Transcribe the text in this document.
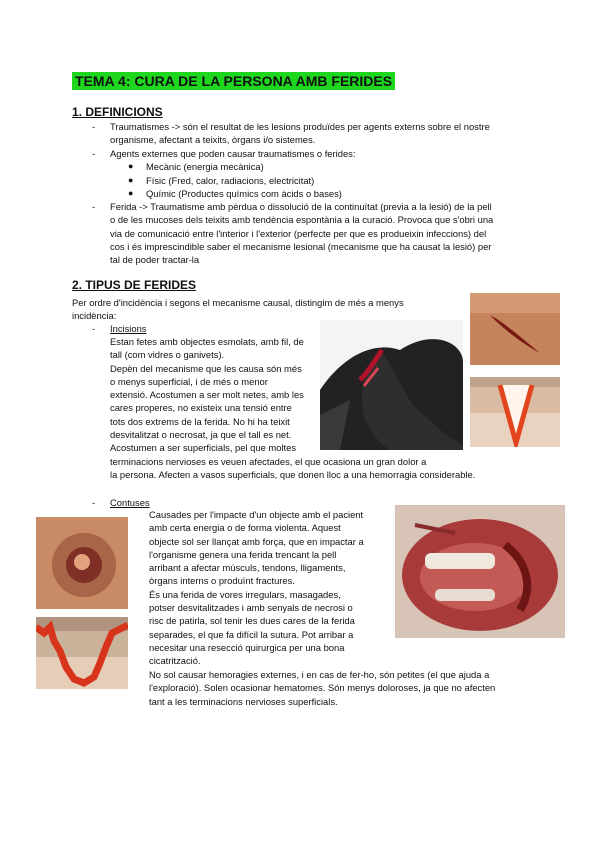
TEMA 4: CURA DE LA PERSONA AMB FERIDES
1. DEFINICIONS
- Traumatismes -> són el resultat de les lesions produïdes per agents externs sobre el nostre
organisme, afectant a teixits, òrgans i/o sistemes.
- Agents externes que poden causar traumatismes o ferides:
● Mecànic (energia mecànica)
● Físic (Fred, calor, radiacions, electricitat)
● Químic (Productes químics com àcids o bases)
- Ferida -> Traumatisme amb pèrdua o dissolució de la continuïtat (previa a la lesió) de la pell
o de les mucoses dels teixits amb tendència espontània a la curació. Provoca que s'obri una
via de comunicació entre l'interior i l'exterior (perfecte per que es produeixin infeccions) del
cos i és imprescindible saber el mecanisme lesional (mecanisme que ha causat la lesió) per
tal de poder tractar-la
2. TIPUS DE FERIDES
Per ordre d'incidència i segons el mecanisme causal, distingim de més a menys
incidència:
- Incisions
Estan fetes amb objectes esmolats, amb fil, de
tall (com vidres o ganivets).
Depèn del mecanisme que les causa són més
o menys superficial, i de més o menor
extensió. Acostumen a ser molt netes, amb les
cares properes, no existeix una tensió entre
tots dos extrems de la ferida. No hi ha teixit
desvitalitzat o necrosat, ja que el tall es net.
Acostumen a ser superficials, pel que moltes
terminacions nervioses es veuen afectades, el que ocasiona un gran dolor a
la persona. Afecten a vasos superficials, que donen lloc a una hemorragia considerable.
- Contuses
Causades per l'impacte d'un objecte amb el pacient
amb certa energia o de forma violenta. Aquest
objecte sol ser llançat amb força, que en impactar a
l'organisme genera una ferida trencant la pell
arribant a afectar músculs, tendons, lligaments,
òrgans interns o produïnt fractures.
És una ferida de vores irregulars, masagades,
potser desvitalitzades i amb senyals de necrosi o
risc de patirla, sol tenir les dues cares de la ferida
separades, el que fa difícil la sutura. Pot arribar a
necesitar una resecció quirurgica per una bona
cicatrització.
No sol causar hemoragies externes, i en cas de fer-ho, són petites (el que ajuda a
l'exploració). Solen ocasionar hematomes. Són menys doloroses, ja que no afecten
tant a les terminacions nervioses superficials.
